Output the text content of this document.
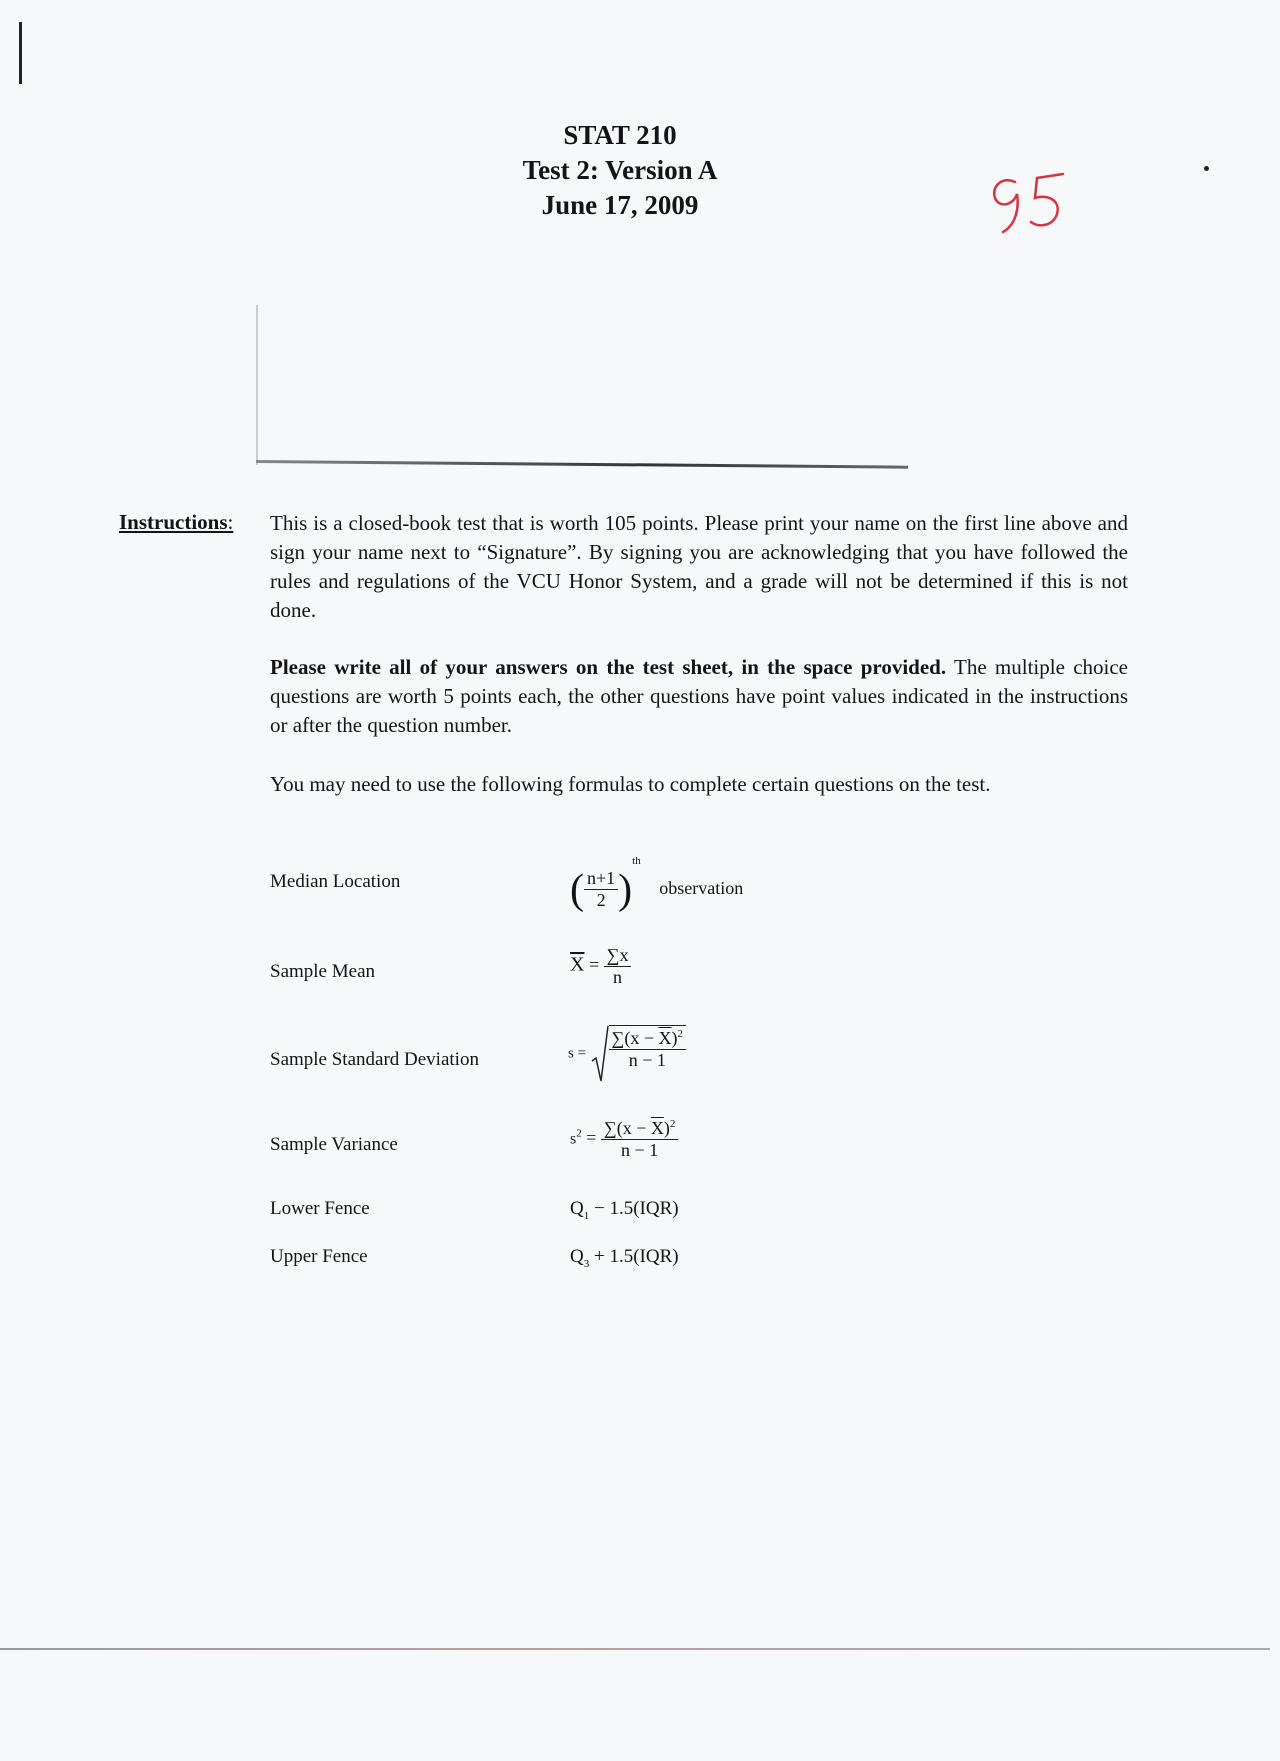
STAT 210
Test 2: Version A
June 17, 2009
Instructions: This is a closed-book test that is worth 105 points. Please print your name on the first line above and sign your name next to “Signature”. By signing you are acknowledging that you have followed the rules and regulations of the VCU Honor System, and a grade will not be determined if this is not done.
Please write all of your answers on the test sheet, in the space provided. The multiple choice questions are worth 5 points each, the other questions have point values indicated in the instructions or after the question number.
You may need to use the following formulas to complete certain questions on the test.
Median Location	( $\frac{n+1}{2} )^{th}$ observation
Sample Mean	$\overline{X} = \frac{\sum x}{n}$
Sample Standard Deviation	$s = \frac{\sum(x - \overline{X})^2}{n - 1}$
Sample Variance	$s^2 = \frac{\sum(x - \overline{X})^2}{n - 1}$
Lower Fence	$Q_1 - 1.5(IQR)$
Upper Fence	$Q_3 + 1.5(IQR)$
